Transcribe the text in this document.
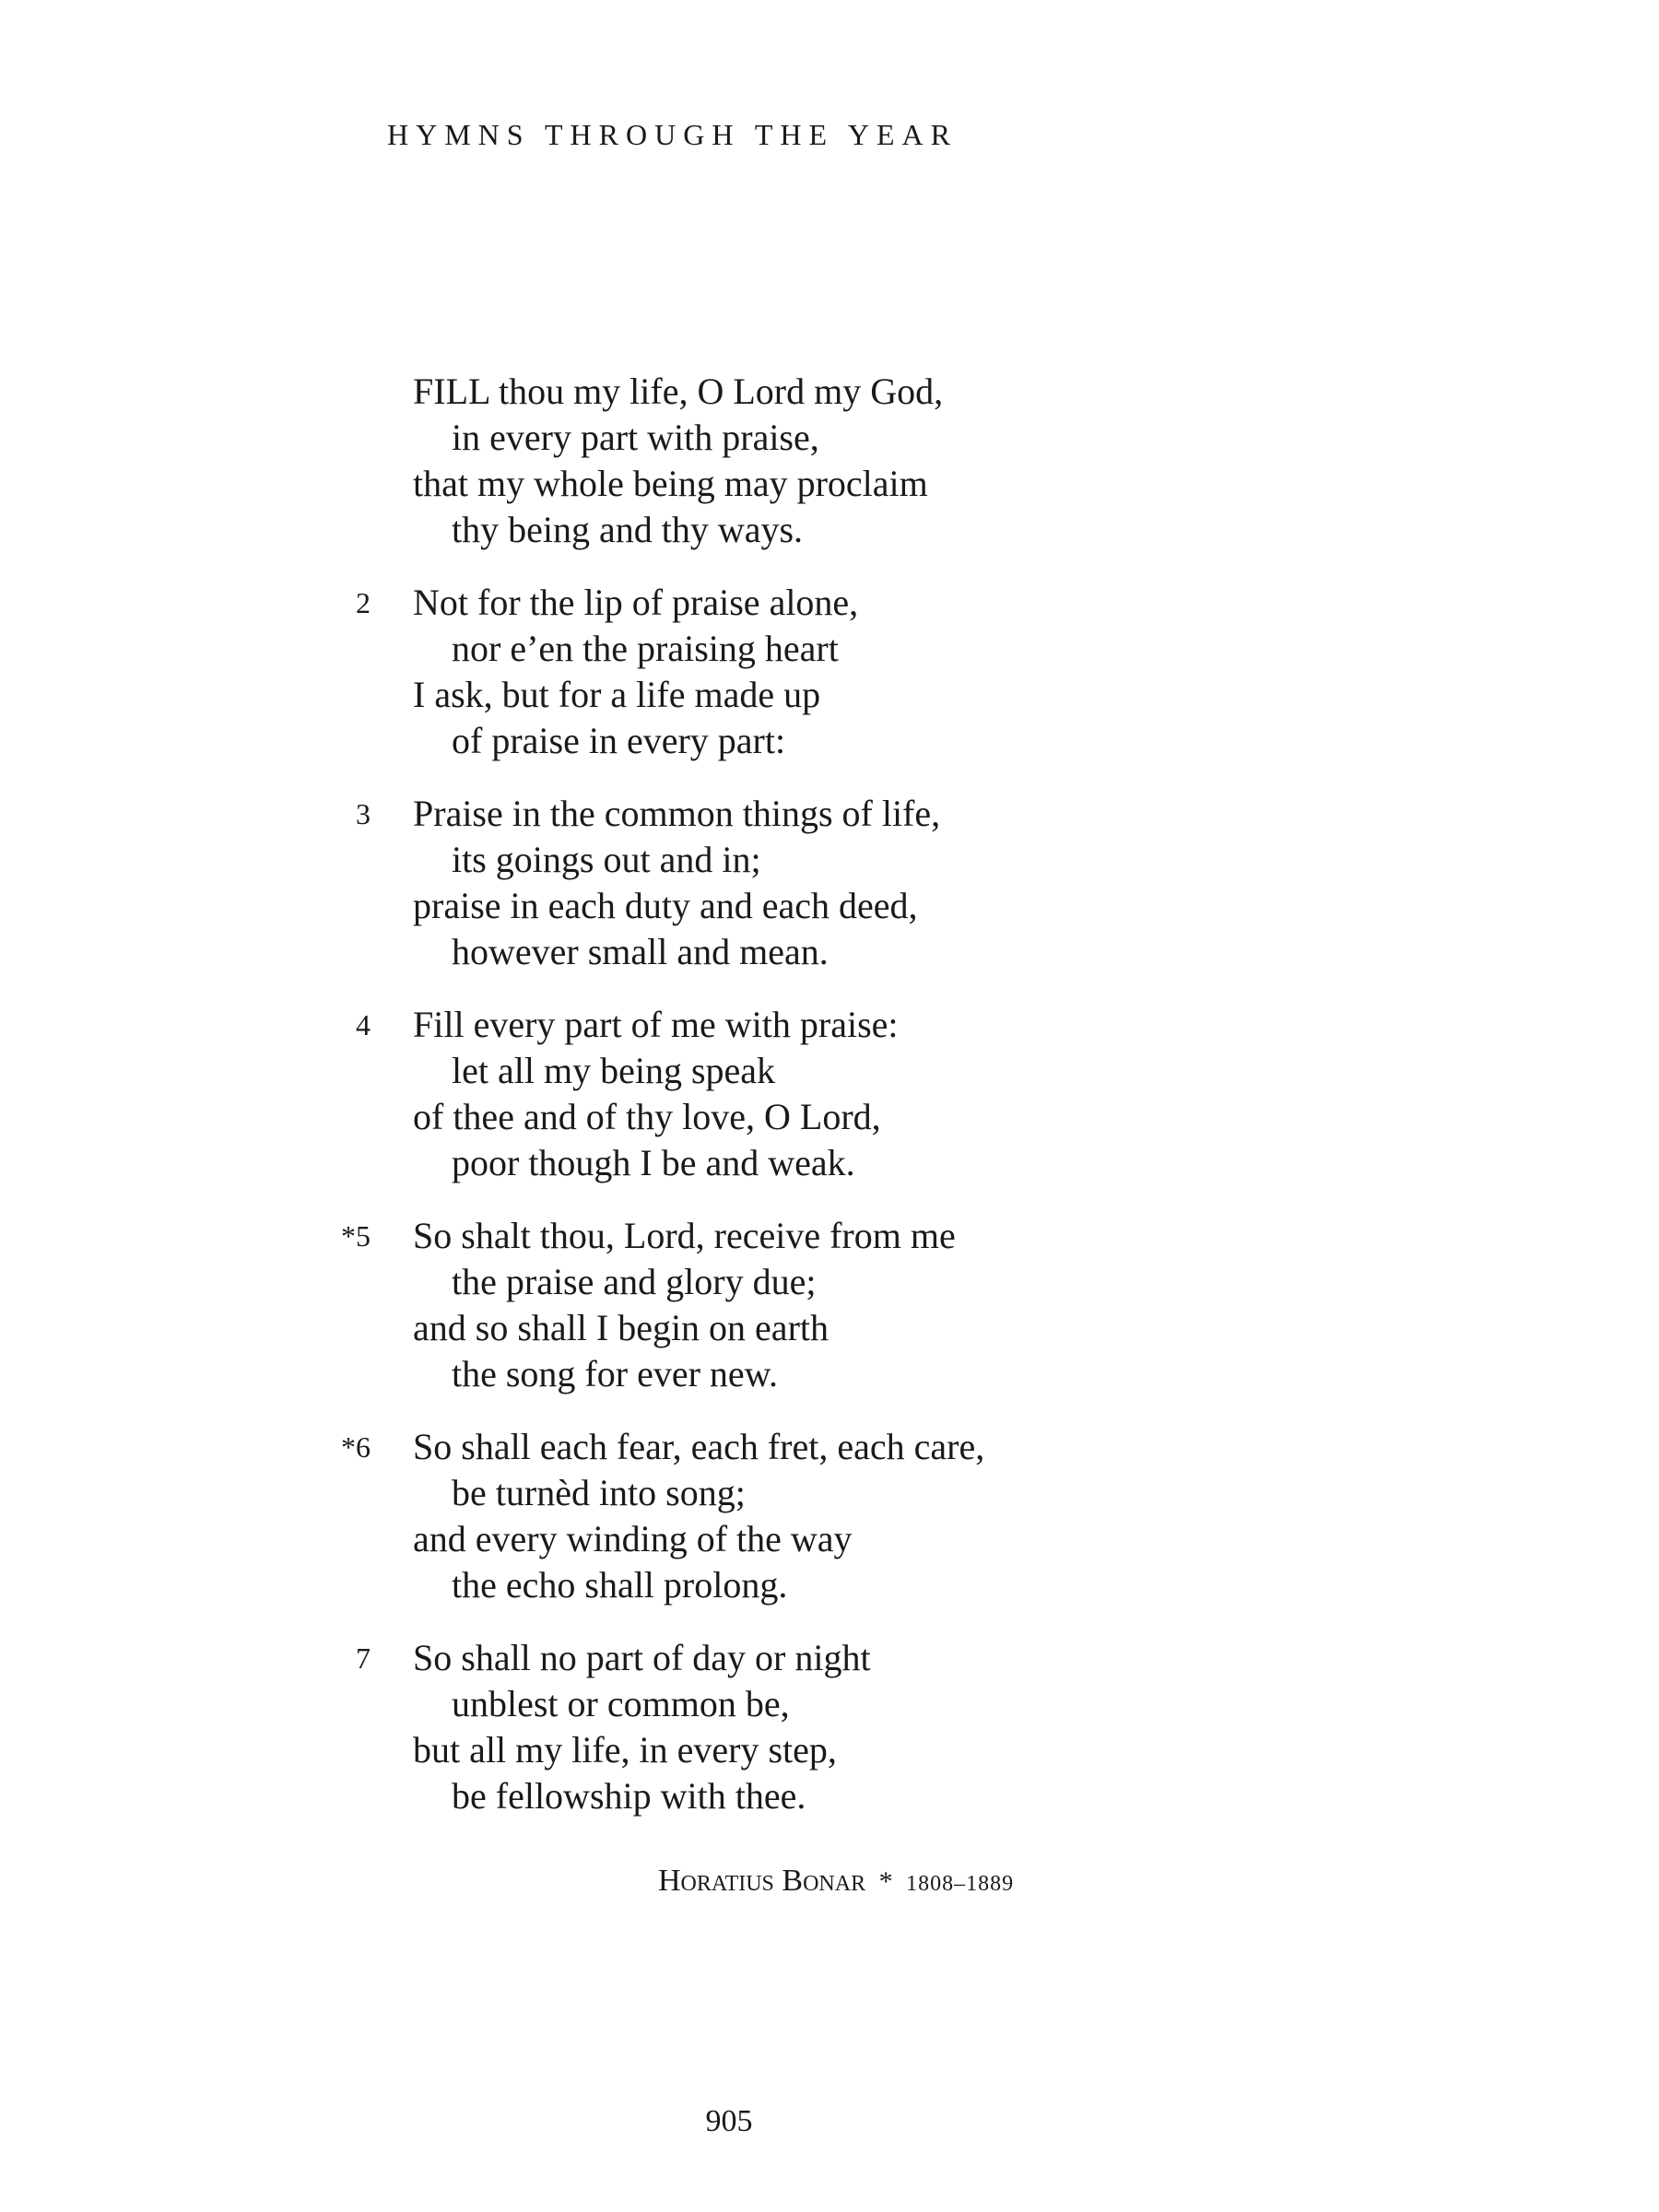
HYMNS THROUGH THE YEAR
FILL thou my life, O Lord my God,
in every part with praise,
that my whole being may proclaim
thy being and thy ways.
2 Not for the lip of praise alone,
nor e’en the praising heart
I ask, but for a life made up
of praise in every part:
3 Praise in the common things of life,
its goings out and in;
praise in each duty and each deed,
however small and mean.
4 Fill every part of me with praise:
let all my being speak
of thee and of thy love, O Lord,
poor though I be and weak.
*5 So shalt thou, Lord, receive from me
the praise and glory due;
and so shall I begin on earth
the song for ever new.
*6 So shall each fear, each fret, each care,
be turnèd into song;
and every winding of the way
the echo shall prolong.
7 So shall no part of day or night
unblest or common be,
but all my life, in every step,
be fellowship with thee.
Horatius Bonar * 1808–1889
905
